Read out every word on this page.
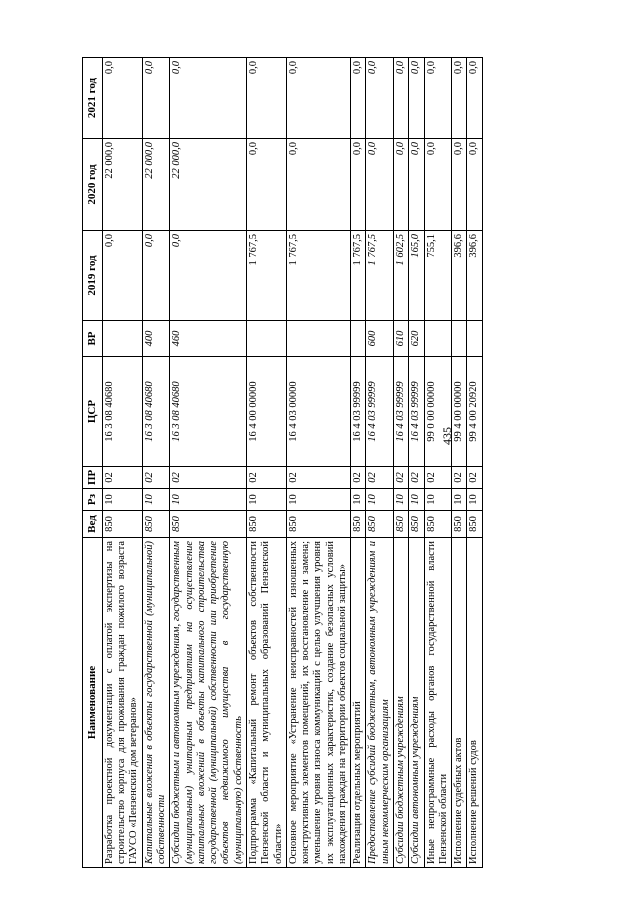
435
Наименование	Вед	Рз	ПР	ЦСР	ВР	2019 год	2020 год	2021 год
Разработка проектной документации с оплатой экспертизы на строительство корпуса для проживания граждан пожилого возраста ГАУСО «Пензенский дом ветеранов»	850	10	02	16 3 08 40680		0,0	22 000,0	0,0
Капитальные вложения в объекты государственной (муниципальной) собственности	850	10	02	16 3 08 40680	400	0,0	22 000,0	0,0
Субсидии бюджетным и автономным учреждениям, государственным (муниципальным) унитарным предприятиям на осуществление капитальных вложений в объекты капитального строительства государственной (муниципальной) собственности или приобретение объектов недвижимого имущества в государственную (муниципальную) собственность	850	10	02	16 3 08 40680	460	0,0	22 000,0	0,0
Подпрограмма «Капитальный ремонт объектов собственности Пензенской области и муниципальных образований Пензенской области»	850	10	02	16 4 00 00000		1 767,5	0,0	0,0
Основное мероприятие «Устранение неисправностей изношенных конструктивных элементов помещений, их восстановление и замена; уменьшение уровня износа коммуникаций с целью улучшения уровня их эксплуатационных характеристик, создание безопасных условий нахождения граждан на территории объектов социальной защиты»	850	10	02	16 4 03 00000		1 767,5	0,0	0,0
Реализация отдельных мероприятий	850	10	02	16 4 03 99999		1 767,5	0,0	0,0
Предоставление субсидий бюджетным, автономным учреждениям и иным некоммерческим организациям	850	10	02	16 4 03 99999	600	1 767,5	0,0	0,0
Субсидии бюджетным учреждениям	850	10	02	16 4 03 99999	610	1 602,5	0,0	0,0
Субсидии автономным учреждениям	850	10	02	16 4 03 99999	620	165,0	0,0	0,0
Иные непрограммные расходы органов государственной власти Пензенской области	850	10	02	99 0 00 00000		755,1	0,0	0,0
Исполнение судебных актов	850	10	02	99 4 00 00000		396,6	0,0	0,0
Исполнение решений судов	850	10	02	99 4 00 20920		396,6	0,0	0,0
